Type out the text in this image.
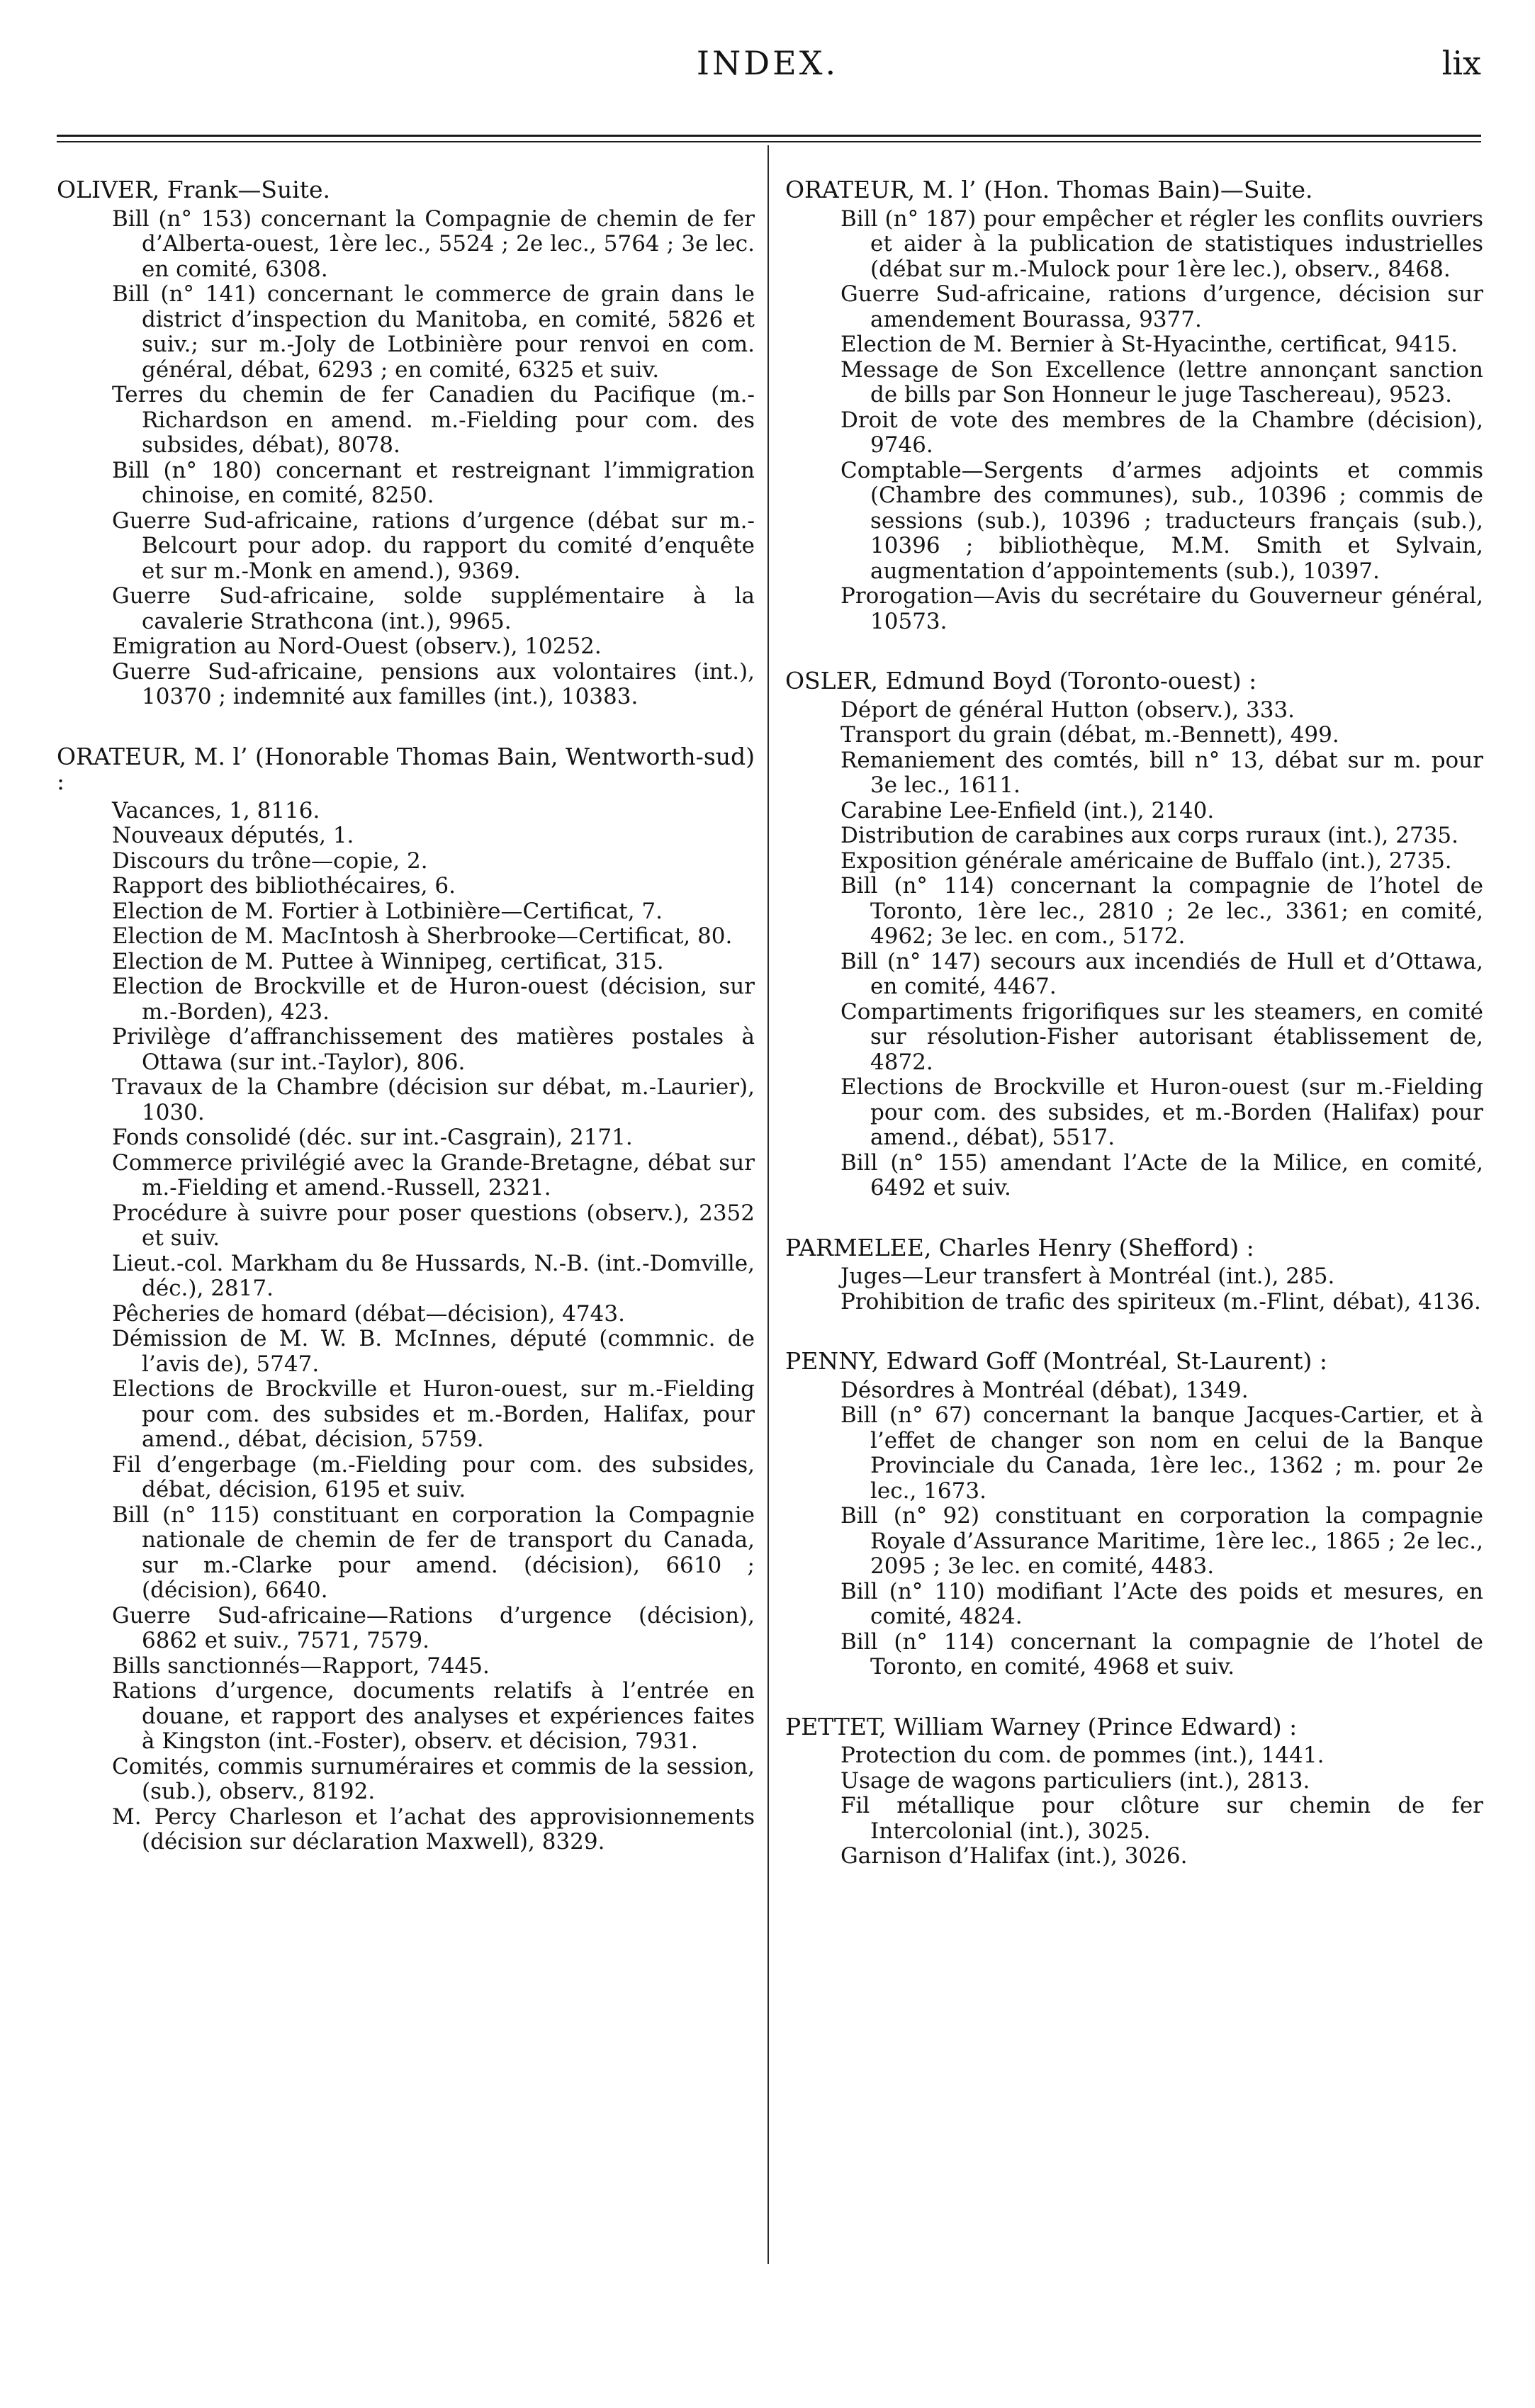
INDEX.	lix
OLIVER, Frank—Suite.
Bill (n° 153) concernant la Compagnie de chemin de fer d’Alberta-ouest, 1ère lec., 5524 ; 2e lec., 5764 ; 3e lec. en comité, 6308.
Bill (n° 141) concernant le commerce de grain dans le district d’inspection du Manitoba, en comité, 5826 et suiv.; sur m.-Joly de Lotbinière pour renvoi en com. général, débat, 6293 ; en comité, 6325 et suiv.
Terres du chemin de fer Canadien du Pacifique (m.-Richardson en amend. m.-Fielding pour com. des subsides, débat), 8078.
Bill (n° 180) concernant et restreignant l’immigration chinoise, en comité, 8250.
Guerre Sud-africaine, rations d’urgence (débat sur m.-Belcourt pour adop. du rapport du comité d’enquête et sur m.-Monk en amend.), 9369.
Guerre Sud-africaine, solde supplémentaire à la cavalerie Strathcona (int.), 9965.
Emigration au Nord-Ouest (observ.), 10252.
Guerre Sud-africaine, pensions aux volontaires (int.), 10370 ; indemnité aux familles (int.), 10383.
ORATEUR, M. l’ (Honorable Thomas Bain, Wentworth-sud) :
Vacances, 1, 8116.
Nouveaux députés, 1.
Discours du trône—copie, 2.
Rapport des bibliothécaires, 6.
Election de M. Fortier à Lotbinière—Certificat, 7.
Election de M. MacIntosh à Sherbrooke—Certificat, 80.
Election de M. Puttee à Winnipeg, certificat, 315.
Election de Brockville et de Huron-ouest (décision, sur m.-Borden), 423.
Privilège d’affranchissement des matières postales à Ottawa (sur int.-Taylor), 806.
Travaux de la Chambre (décision sur débat, m.-Laurier), 1030.
Fonds consolidé (déc. sur int.-Casgrain), 2171.
Commerce privilégié avec la Grande-Bretagne, débat sur m.-Fielding et amend.-Russell, 2321.
Procédure à suivre pour poser questions (observ.), 2352 et suiv.
Lieut.-col. Markham du 8e Hussards, N.-B. (int.-Domville, déc.), 2817.
Pêcheries de homard (débat—décision), 4743.
Démission de M. W. B. McInnes, député (commnic. de l’avis de), 5747.
Elections de Brockville et Huron-ouest, sur m.-Fielding pour com. des subsides et m.-Borden, Halifax, pour amend., débat, décision, 5759.
Fil d’engerbage (m.-Fielding pour com. des subsides, débat, décision, 6195 et suiv.
Bill (n° 115) constituant en corporation la Compagnie nationale de chemin de fer de transport du Canada, sur m.-Clarke pour amend. (décision), 6610 ; (décision), 6640.
Guerre Sud-africaine—Rations d’urgence (décision), 6862 et suiv., 7571, 7579.
Bills sanctionnés—Rapport, 7445.
Rations d’urgence, documents relatifs à l’entrée en douane, et rapport des analyses et expériences faites à Kingston (int.-Foster), observ. et décision, 7931.
Comités, commis surnuméraires et commis de la session, (sub.), observ., 8192.
M. Percy Charleson et l’achat des approvisionnements (décision sur déclaration Maxwell), 8329.
ORATEUR, M. l’ (Hon. Thomas Bain)—Suite.
Bill (n° 187) pour empêcher et régler les conflits ouvriers et aider à la publication de statistiques industrielles (débat sur m.-Mulock pour 1ère lec.), observ., 8468.
Guerre Sud-africaine, rations d’urgence, décision sur amendement Bourassa, 9377.
Election de M. Bernier à St-Hyacinthe, certificat, 9415.
Message de Son Excellence (lettre annonçant sanction de bills par Son Honneur le juge Taschereau), 9523.
Droit de vote des membres de la Chambre (décision), 9746.
Comptable—Sergents d’armes adjoints et commis (Chambre des communes), sub., 10396 ; commis de sessions (sub.), 10396 ; traducteurs français (sub.), 10396 ; bibliothèque, M.M. Smith et Sylvain, augmentation d’appointements (sub.), 10397.
Prorogation—Avis du secrétaire du Gouverneur général, 10573.
OSLER, Edmund Boyd (Toronto-ouest) :
Déport de général Hutton (observ.), 333.
Transport du grain (débat, m.-Bennett), 499.
Remaniement des comtés, bill n° 13, débat sur m. pour 3e lec., 1611.
Carabine Lee-Enfield (int.), 2140.
Distribution de carabines aux corps ruraux (int.), 2735.
Exposition générale américaine de Buffalo (int.), 2735.
Bill (n° 114) concernant la compagnie de l’hotel de Toronto, 1ère lec., 2810 ; 2e lec., 3361; en comité, 4962; 3e lec. en com., 5172.
Bill (n° 147) secours aux incendiés de Hull et d’Ottawa, en comité, 4467.
Compartiments frigorifiques sur les steamers, en comité sur résolution-Fisher autorisant établissement de, 4872.
Elections de Brockville et Huron-ouest (sur m.-Fielding pour com. des subsides, et m.-Borden (Halifax) pour amend., débat), 5517.
Bill (n° 155) amendant l’Acte de la Milice, en comité, 6492 et suiv.
PARMELEE, Charles Henry (Shefford) :
Juges—Leur transfert à Montréal (int.), 285.
Prohibition de trafic des spiriteux (m.-Flint, débat), 4136.
PENNY, Edward Goff (Montréal, St-Laurent) :
Désordres à Montréal (débat), 1349.
Bill (n° 67) concernant la banque Jacques-Cartier, et à l’effet de changer son nom en celui de la Banque Provinciale du Canada, 1ère lec., 1362 ; m. pour 2e lec., 1673.
Bill (n° 92) constituant en corporation la compagnie Royale d’Assurance Maritime, 1ère lec., 1865 ; 2e lec., 2095 ; 3e lec. en comité, 4483.
Bill (n° 110) modifiant l’Acte des poids et mesures, en comité, 4824.
Bill (n° 114) concernant la compagnie de l’hotel de Toronto, en comité, 4968 et suiv.
PETTET, William Warney (Prince Edward) :
Protection du com. de pommes (int.), 1441.
Usage de wagons particuliers (int.), 2813.
Fil métallique pour clôture sur chemin de fer Intercolonial (int.), 3025.
Garnison d’Halifax (int.), 3026.
